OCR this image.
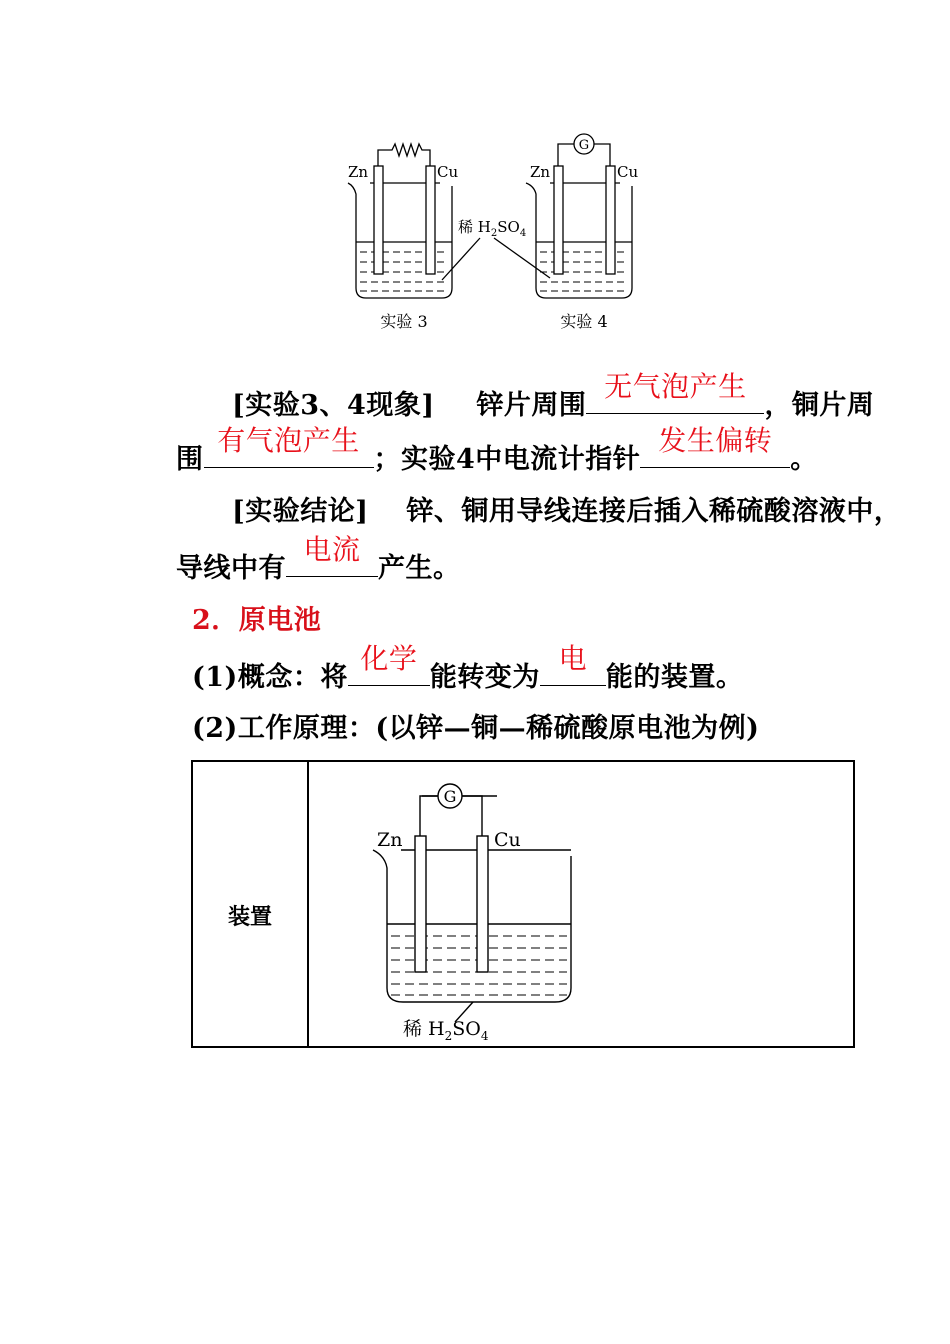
Zn	Cu	Zn	Cu
G
稀 $H_2SO_4$
实验 3	实验 4
[实验3、4现象] 锌片周围
无气泡产生
，铜片周
围
有气泡产生
；实验4中电流计指针
发生偏转
。
[实验结论] 锌、铜用导线连接后插入稀硫酸溶液中，
导线中有
电流
产生。
2．原电池
(1)概念：将
化学
能转变为
电
能的装置。
(2)工作原理：(以锌—铜—稀硫酸原电池为例)
装置
Zn	Cu
G
稀 $H_2SO_4$
